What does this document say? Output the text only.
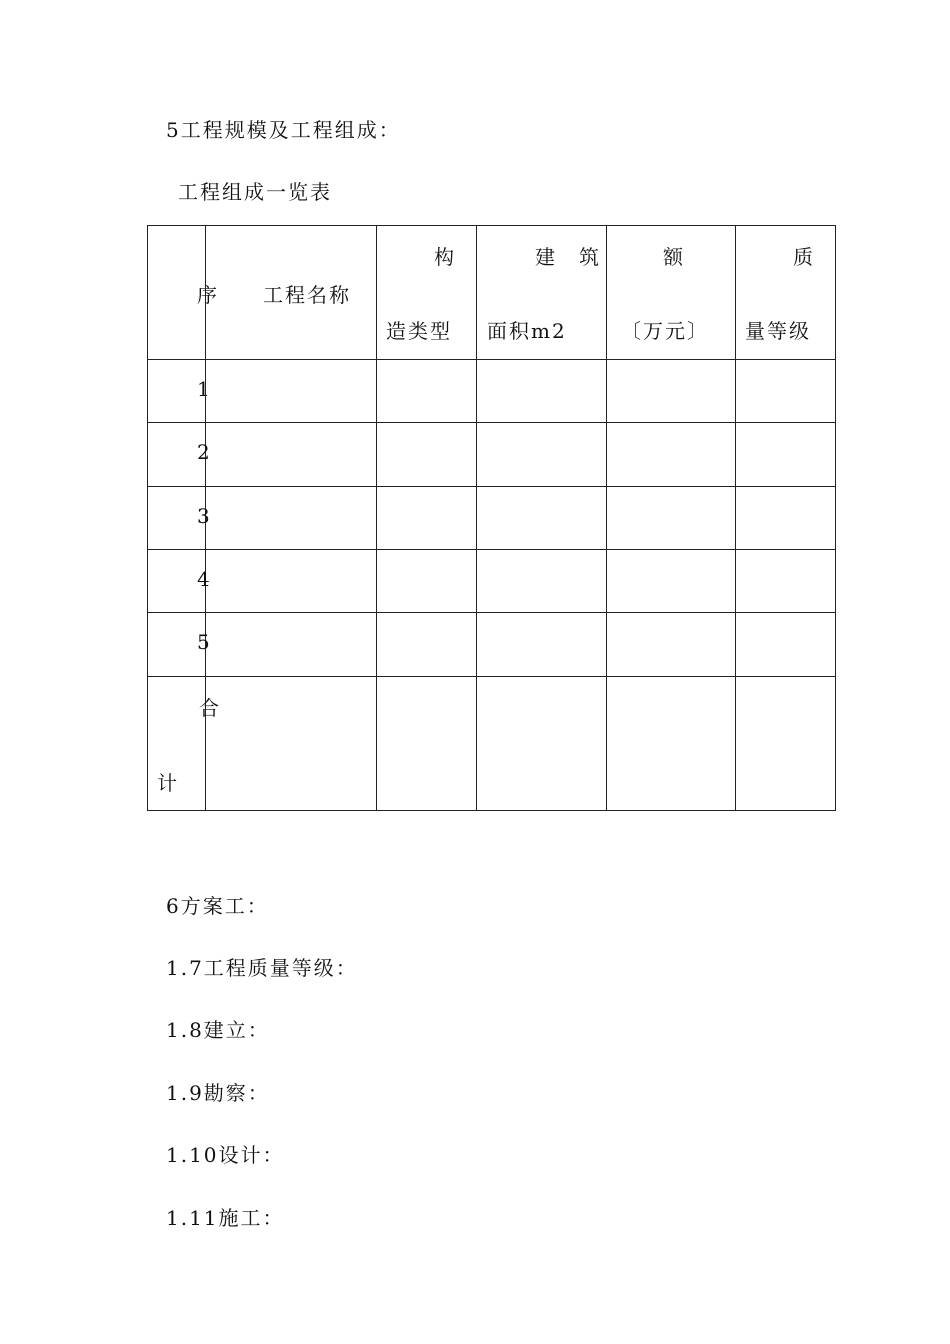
5工程规模及工程组成：
工程组成一览表
序 工程名称
构
造类型
建　筑
面积m2
额
〔万元〕
质
量等级
1
2
3
4
5
合
计
6方案工：
1.7工程质量等级：
1.8建立：
1.9勘察：
1.10设计：
1.11施工：
